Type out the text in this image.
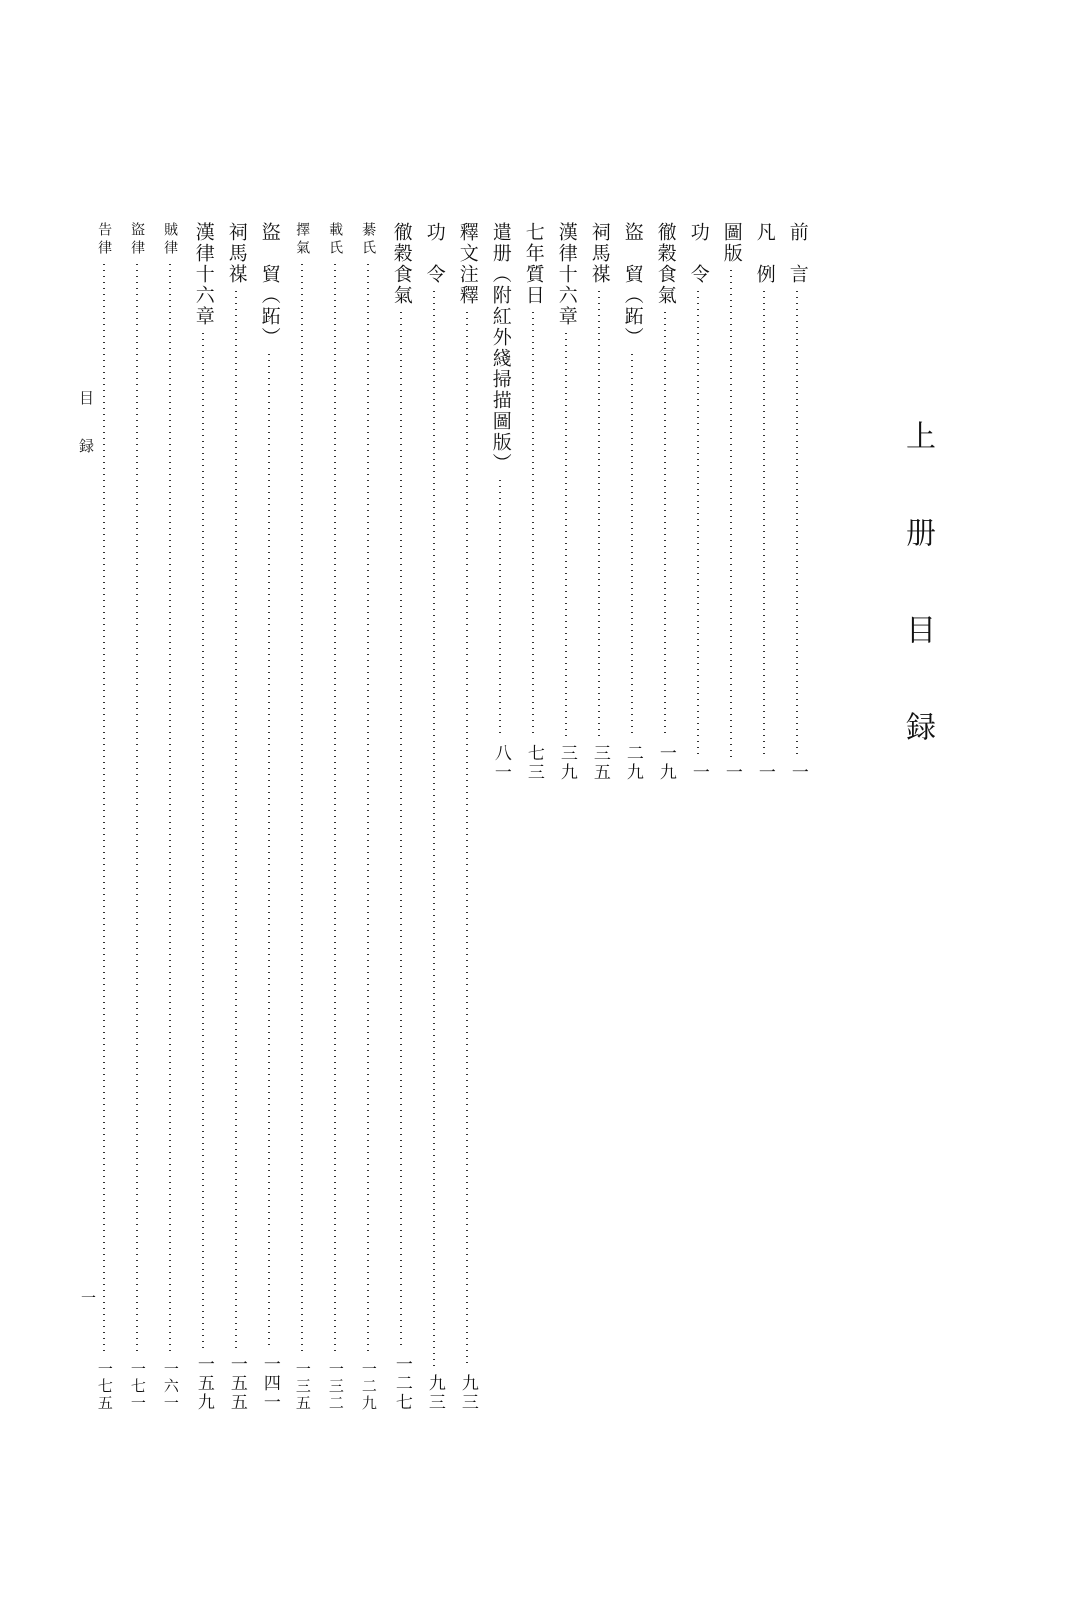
上 册 目 録
目　録
一
前　言
一
凡　例
一
圖版
一
功　令
一
徹穀食氣
一九
盜　貿（跖）
二九
祠馬禖
三五
漢律十六章
三九
七年質日
七三
遣册（附紅外綫掃描圖版）
八一
釋文注釋
九三
功　令
九三
徹穀食氣
一二七
綦氏
一二九
載氏
一三二
擇氣
一三五
盜　貿（跖）
一四一
祠馬禖
一五五
漢律十六章
一五九
賊律
一六一
盜律
一七一
告律
一七五
